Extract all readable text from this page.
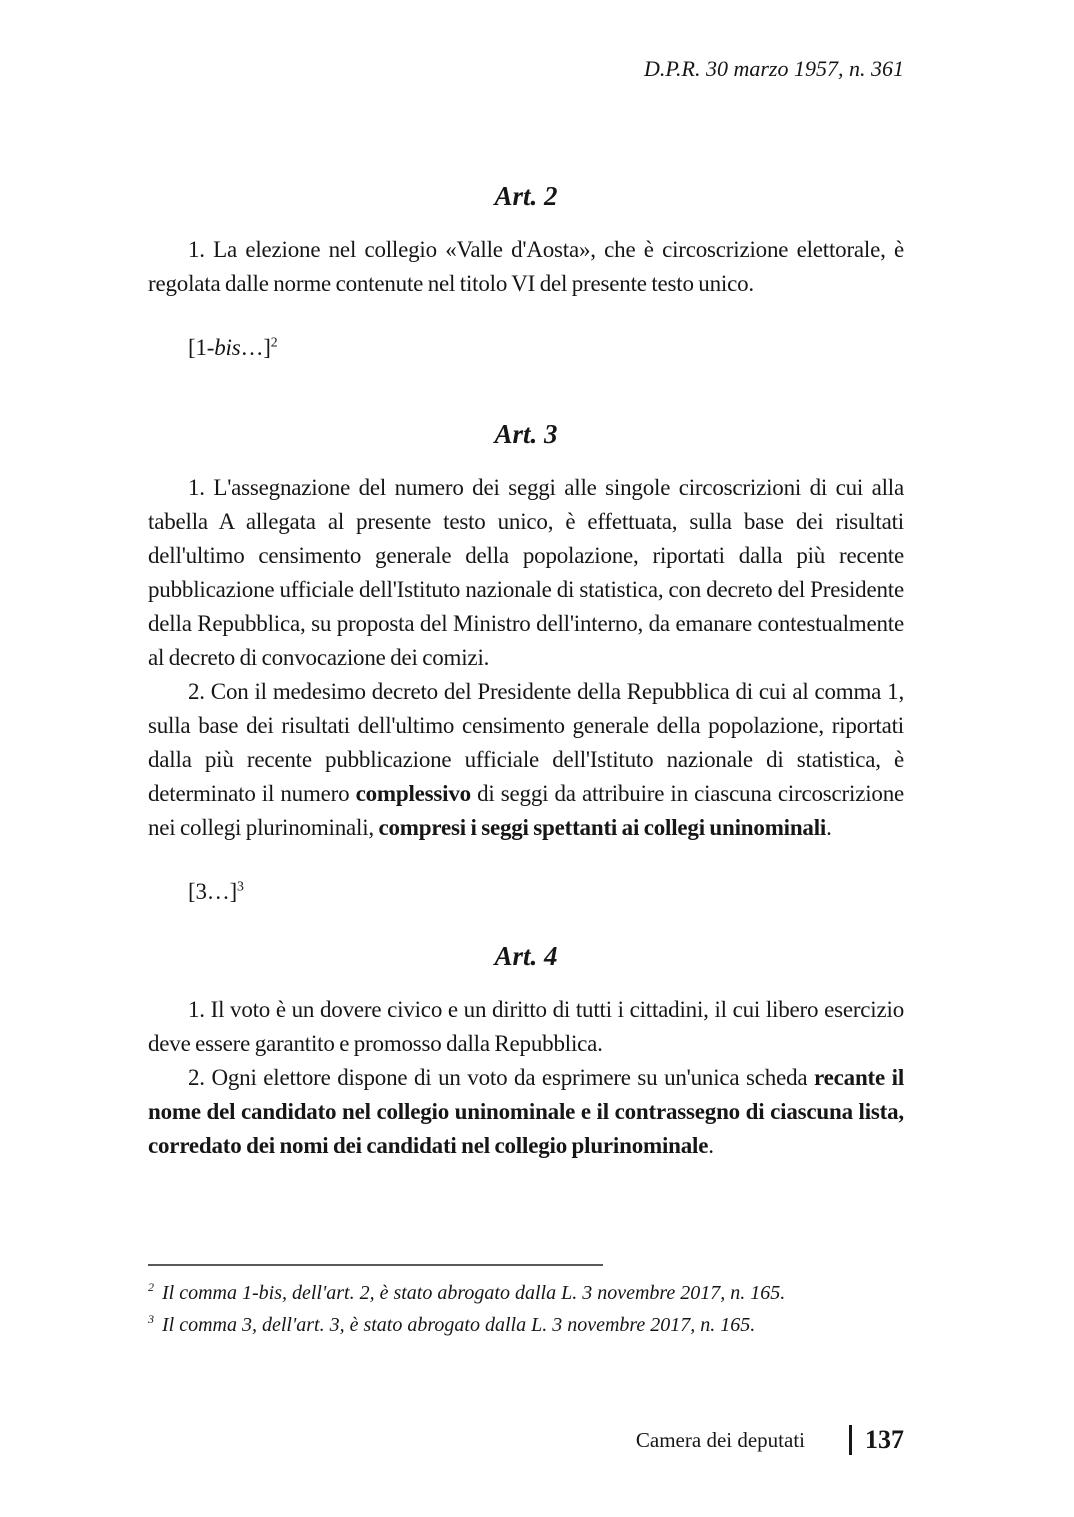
D.P.R. 30 marzo 1957, n. 361
Art. 2

1. La elezione nel collegio «Valle d'Aosta», che è circoscrizione elettorale, è regolata dalle norme contenute nel titolo VI del presente testo unico.

[1-bis…]$^2$

Art. 3

1. L'assegnazione del numero dei seggi alle singole circoscrizioni di cui alla tabella A allegata al presente testo unico, è effettuata, sulla base dei risultati dell'ultimo censimento generale della popolazione, riportati dalla più recente pubblicazione ufficiale dell'Istituto nazionale di statistica, con decreto del Presidente della Repubblica, su proposta del Ministro dell'interno, da emanare contestualmente al decreto di convocazione dei comizi.

2. Con il medesimo decreto del Presidente della Repubblica di cui al comma 1, sulla base dei risultati dell'ultimo censimento generale della popolazione, riportati dalla più recente pubblicazione ufficiale dell'Istituto nazionale di statistica, è determinato il numero complessivo di seggi da attribuire in ciascuna circoscrizione nei collegi plurinominali, compresi i seggi spettanti ai collegi uninominali.

[3…]$^3$

Art. 4

1. Il voto è un dovere civico e un diritto di tutti i cittadini, il cui libero esercizio deve essere garantito e promosso dalla Repubblica.

2. Ogni elettore dispone di un voto da esprimere su un'unica scheda recante il nome del candidato nel collegio uninominale e il contrassegno di ciascuna lista, corredato dei nomi dei candidati nel collegio plurinominale.

$^2$ Il comma 1-bis, dell'art. 2, è stato abrogato dalla L. 3 novembre 2017, n. 165.

$^3$ Il comma 3, dell'art. 3, è stato abrogato dalla L. 3 novembre 2017, n. 165.

Camera dei deputati 137
